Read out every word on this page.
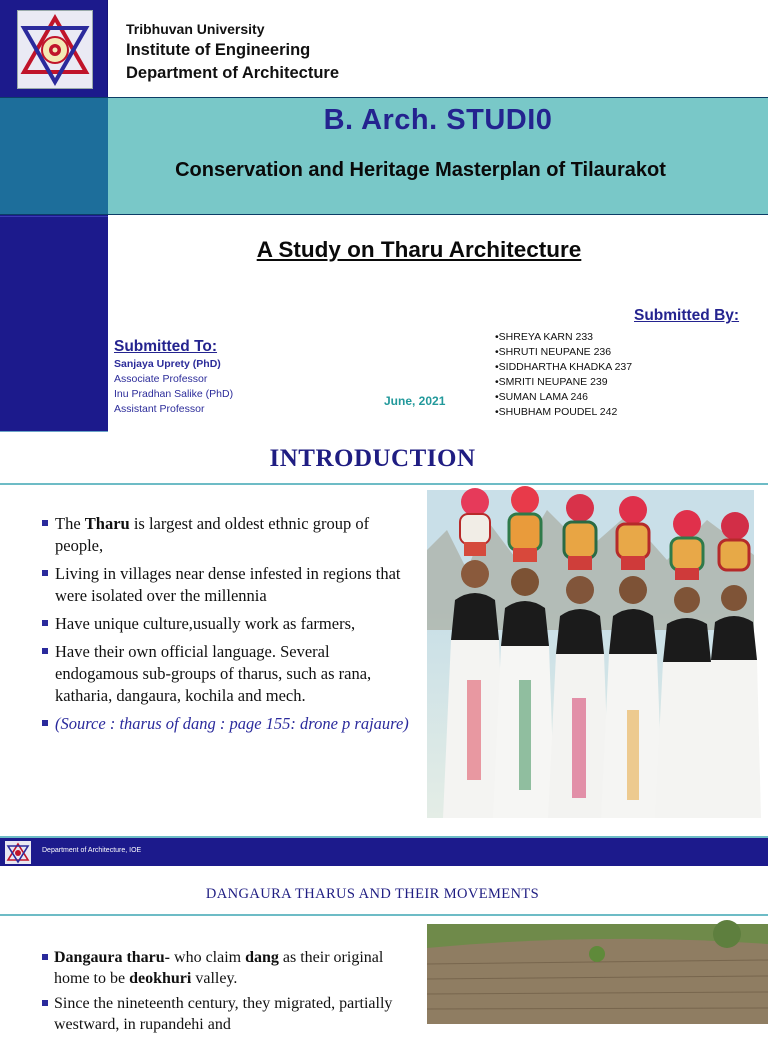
Tribhuvan University
Institute of Engineering
Department of Architecture
B. Arch. STUDI0
Conservation and Heritage Masterplan of Tilaurakot
A Study on Tharu Architecture
Submitted To:
Sanjaya Uprety (PhD)
Associate Professor
Inu Pradhan Salike (PhD)
Assistant Professor
June, 2021
Submitted By:
•SHREYA KARN 233
•SHRUTI NEUPANE 236
•SIDDHARTHA KHADKA 237
•SMRITI NEUPANE 239
•SUMAN LAMA 246
•SHUBHAM POUDEL 242
INTRODUCTION
The Tharu is largest and oldest ethnic group of people,
Living in villages near dense infested in regions that were isolated over the millennia
Have unique culture,usually work as farmers,
Have their own official language. Several endogamous sub-groups of tharus, such as rana, katharia, dangaura, kochila and mech.
(Source : tharus of dang : page 155: drone p rajaure)
Department of Architecture, IOE
DANGAURA THARUS AND THEIR MOVEMENTS
Dangaura tharu- who claim dang as their original home to be deokhuri valley.
Since the nineteenth century, they migrated, partially westward, in rupandehi and
